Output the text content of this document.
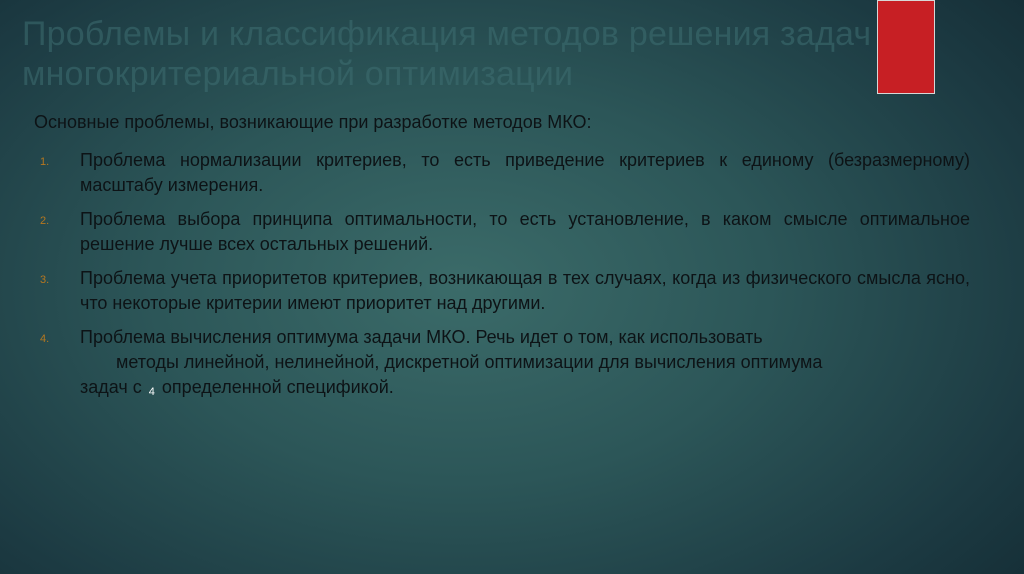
Проблемы и классификация методов решения задач многокритериальной оптимизации

Основные проблемы, возникающие при разработке методов МКО:

1. Проблема нормализации критериев, то есть приведение критериев к единому (безразмерному) масштабу измерения.
2. Проблема выбора принципа оптимальности, то есть установление, в каком смысле оптимальное решение лучше всех остальных решений.
3. Проблема учета приоритетов критериев, возникающая в тех случаях, когда из физического смысла ясно, что некоторые критерии имеют приоритет над другими.
4. Проблема вычисления оптимума задачи МКО. Речь идет о том, как использовать
методы линейной, нелинейной, дискретной оптимизации для вычисления оптимума
задач с 4 определенной спецификой.
